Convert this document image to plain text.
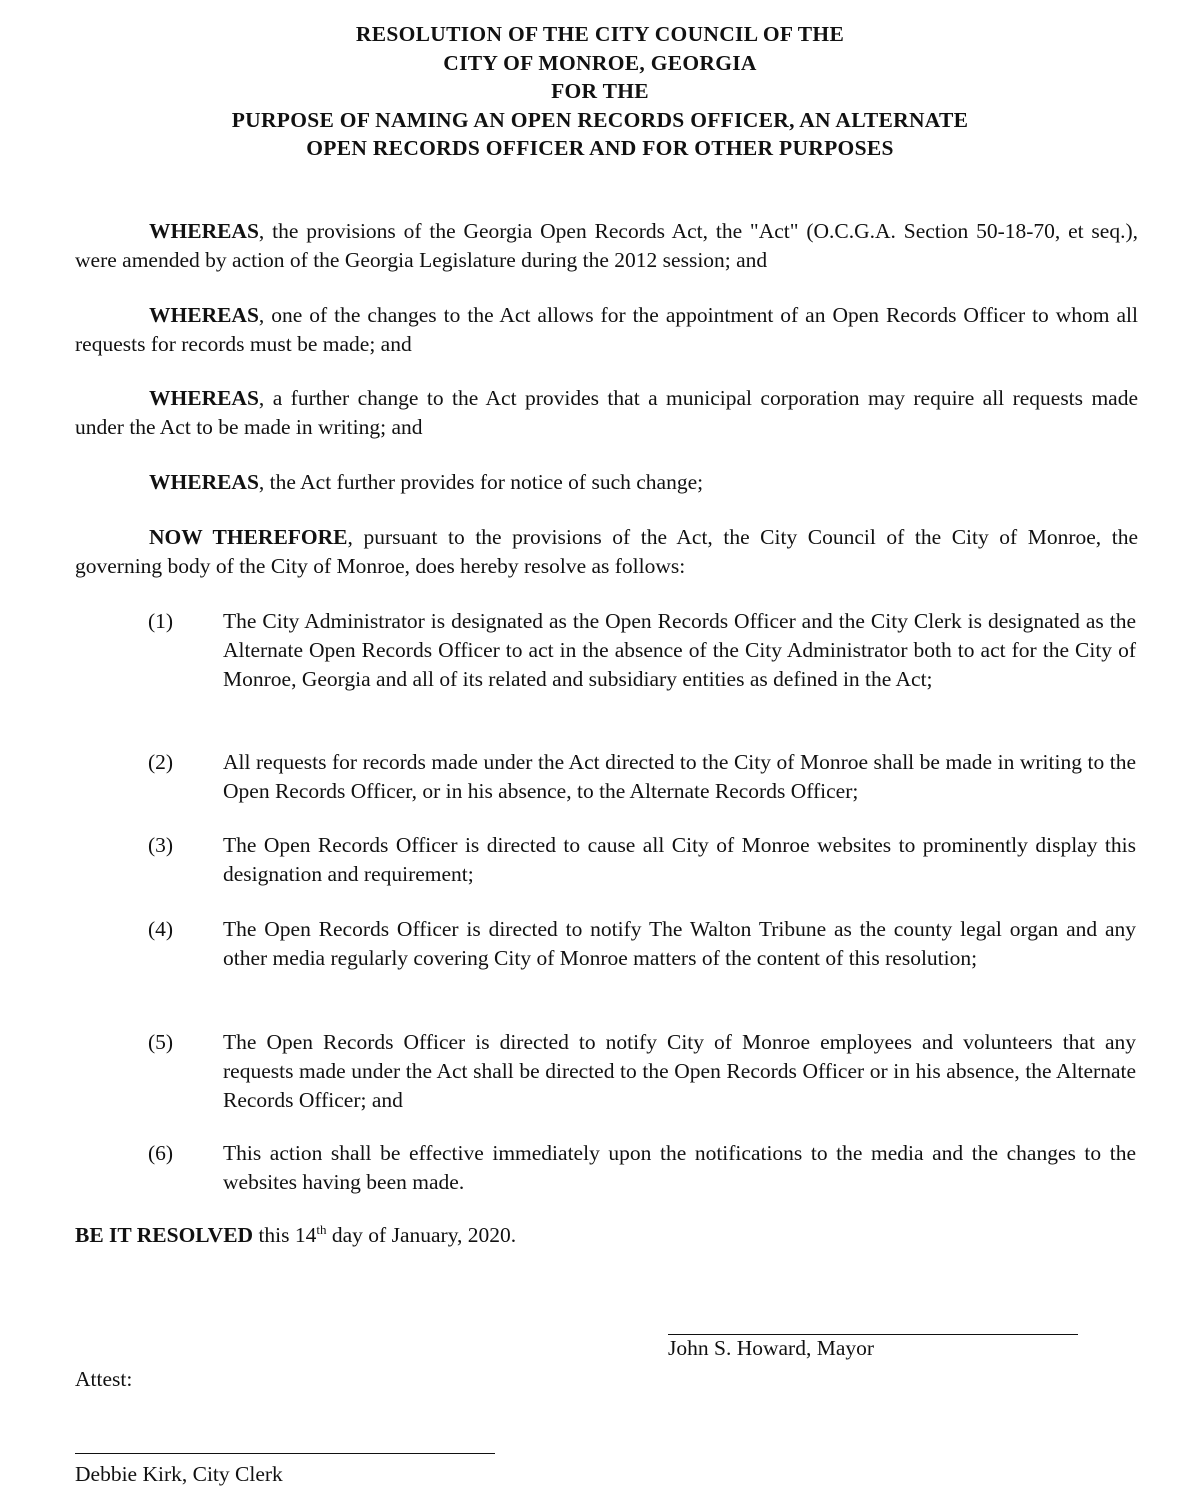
RESOLUTION OF THE CITY COUNCIL OF THE
CITY OF MONROE, GEORGIA
FOR THE
PURPOSE OF NAMING AN OPEN RECORDS OFFICER, AN ALTERNATE
OPEN RECORDS OFFICER AND FOR OTHER PURPOSES
WHEREAS, the provisions of the Georgia Open Records Act, the "Act" (O.C.G.A. Section 50-18-70, et seq.), were amended by action of the Georgia Legislature during the 2012 session; and
WHEREAS, one of the changes to the Act allows for the appointment of an Open Records Officer to whom all requests for records must be made; and
WHEREAS, a further change to the Act provides that a municipal corporation may require all requests made under the Act to be made in writing; and
WHEREAS, the Act further provides for notice of such change;
NOW THEREFORE, pursuant to the provisions of the Act, the City Council of the City of Monroe, the governing body of the City of Monroe, does hereby resolve as follows:
(1) The City Administrator is designated as the Open Records Officer and the City Clerk is designated as the Alternate Open Records Officer to act in the absence of the City Administrator both to act for the City of Monroe, Georgia and all of its related and subsidiary entities as defined in the Act;
(2) All requests for records made under the Act directed to the City of Monroe shall be made in writing to the Open Records Officer, or in his absence, to the Alternate Records Officer;
(3) The Open Records Officer is directed to cause all City of Monroe websites to prominently display this designation and requirement;
(4) The Open Records Officer is directed to notify The Walton Tribune as the county legal organ and any other media regularly covering City of Monroe matters of the content of this resolution;
(5) The Open Records Officer is directed to notify City of Monroe employees and volunteers that any requests made under the Act shall be directed to the Open Records Officer or in his absence, the Alternate Records Officer; and
(6) This action shall be effective immediately upon the notifications to the media and the changes to the websites having been made.
BE IT RESOLVED this 14th day of January, 2020.
John S. Howard, Mayor
Attest:
Debbie Kirk, City Clerk
